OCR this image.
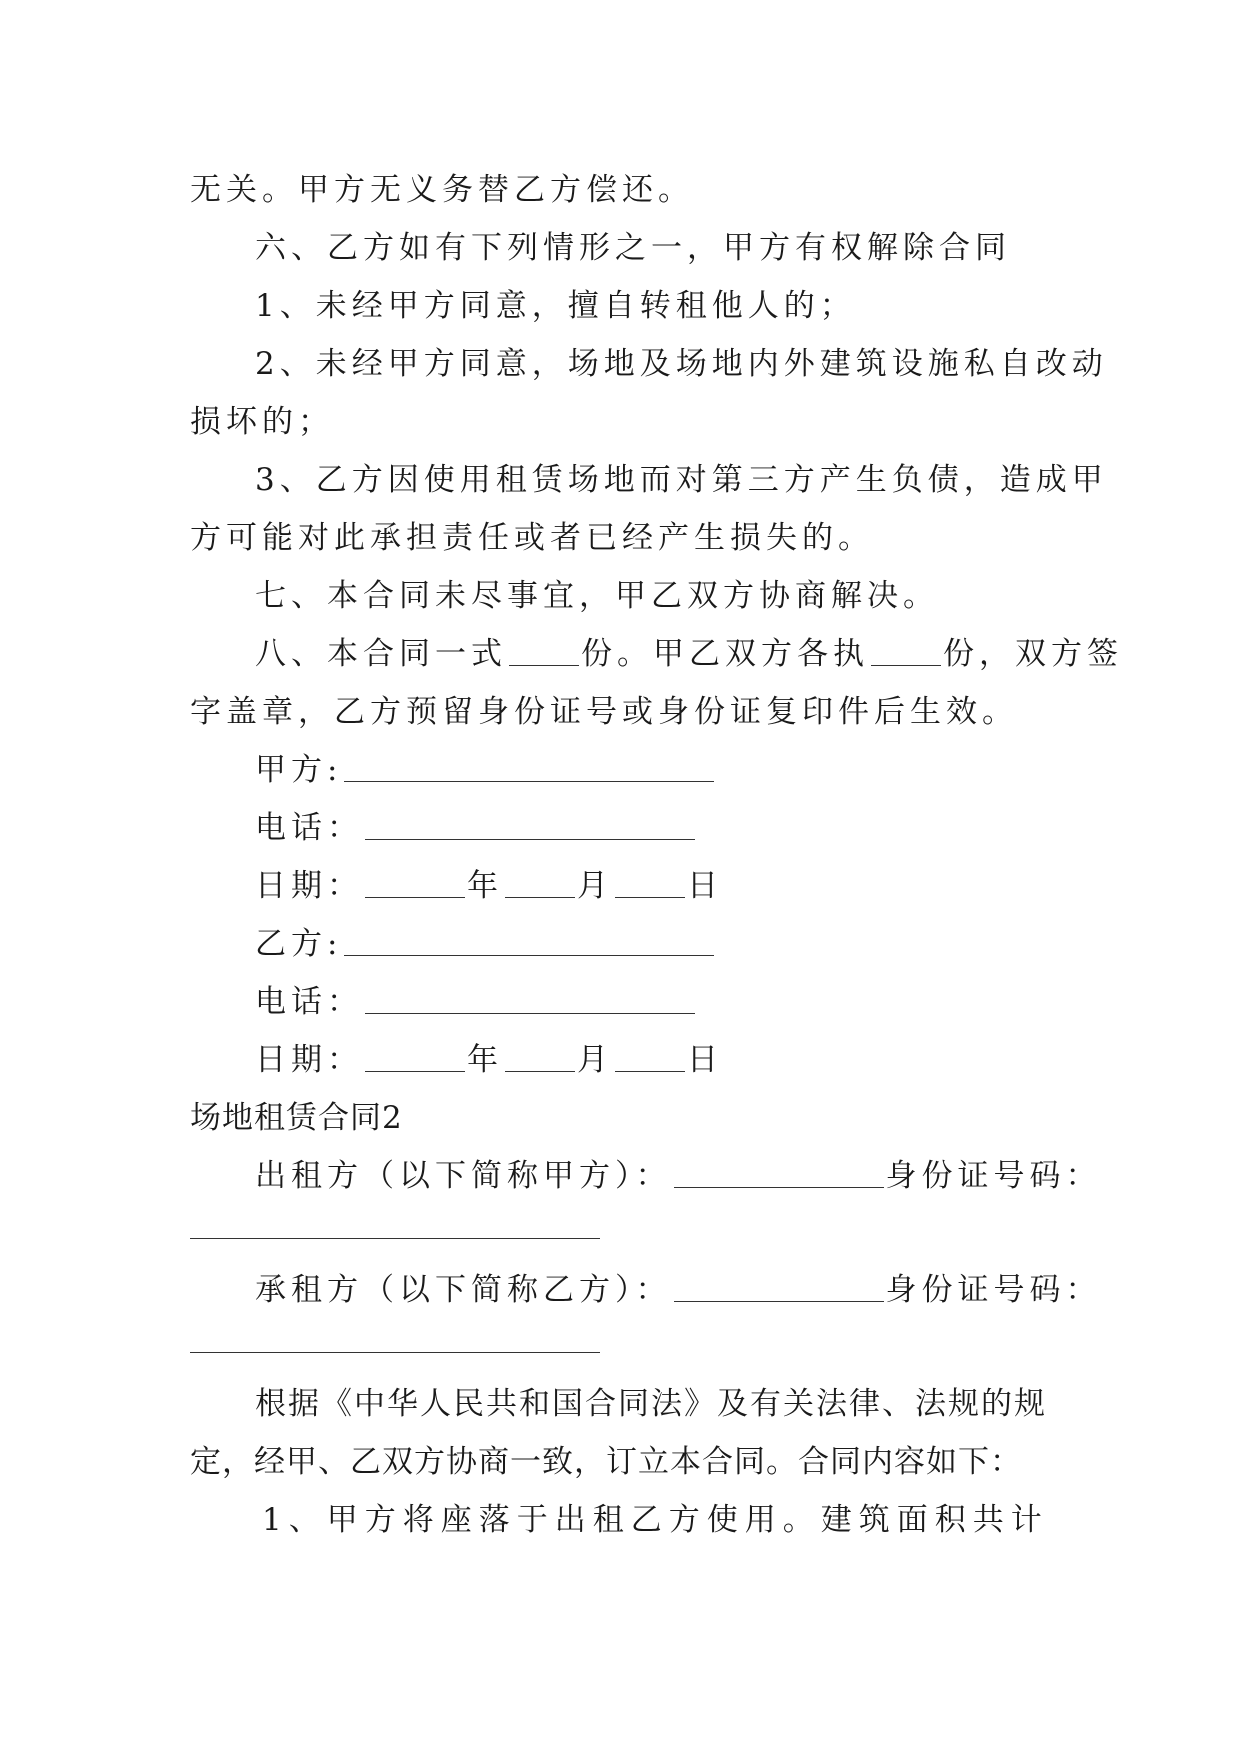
无关。甲方无义务替乙方偿还。
六、乙方如有下列情形之一，甲方有权解除合同
1、未经甲方同意，擅自转租他人的；
2、未经甲方同意，场地及场地内外建筑设施私自改动
损坏的；
3、乙方因使用租赁场地而对第三方产生负债，造成甲
方可能对此承担责任或者已经产生损失的。
七、本合同未尽事宜，甲乙双方协商解决。
八、本合同一式 份。甲乙双方各执 份，双方签
字盖章，乙方预留身份证号或身份证复印件后生效。
甲方:
电话：
日期：	年 月 日
乙方:
电话：
日期：	年 月 日
场地租赁合同2
出租方（以下简称甲方）：	身份证号码：
承租方（以下简称乙方）：	身份证号码：
根据《中华人民共和国合同法》及有关法律、法规的规
定，经甲、乙双方协商一致，订立本合同。合同内容如下：
1、甲方将座落于出租乙方使用。建筑面积共计
